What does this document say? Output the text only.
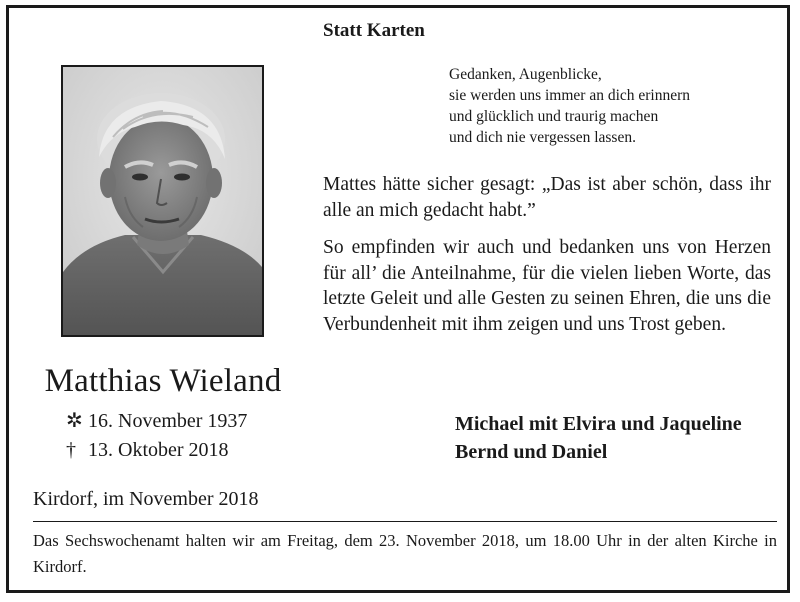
Statt Karten
Gedanken, Augenblicke,
sie werden uns immer an dich erinnern
und glücklich und traurig machen
und dich nie vergessen lassen.

Mattes hätte sicher gesagt: „Das ist aber schön, dass ihr alle an mich gedacht habt.”

So empfinden wir auch und bedanken uns von Herzen für all’ die Anteilnahme, für die vielen lieben Worte, das letzte Geleit und alle Gesten zu seinen Ehren, die uns die Verbundenheit mit ihm zeigen und uns Trost geben.

Matthias Wieland
✲ 16. November 1937
† 13. Oktober 2018
Kirdorf, im November 2018
Michael mit Elvira und Jaqueline
Bernd und Daniel

Das Sechswochenamt halten wir am Freitag, dem 23. November 2018, um 18.00 Uhr in der alten Kirche in Kirdorf.
